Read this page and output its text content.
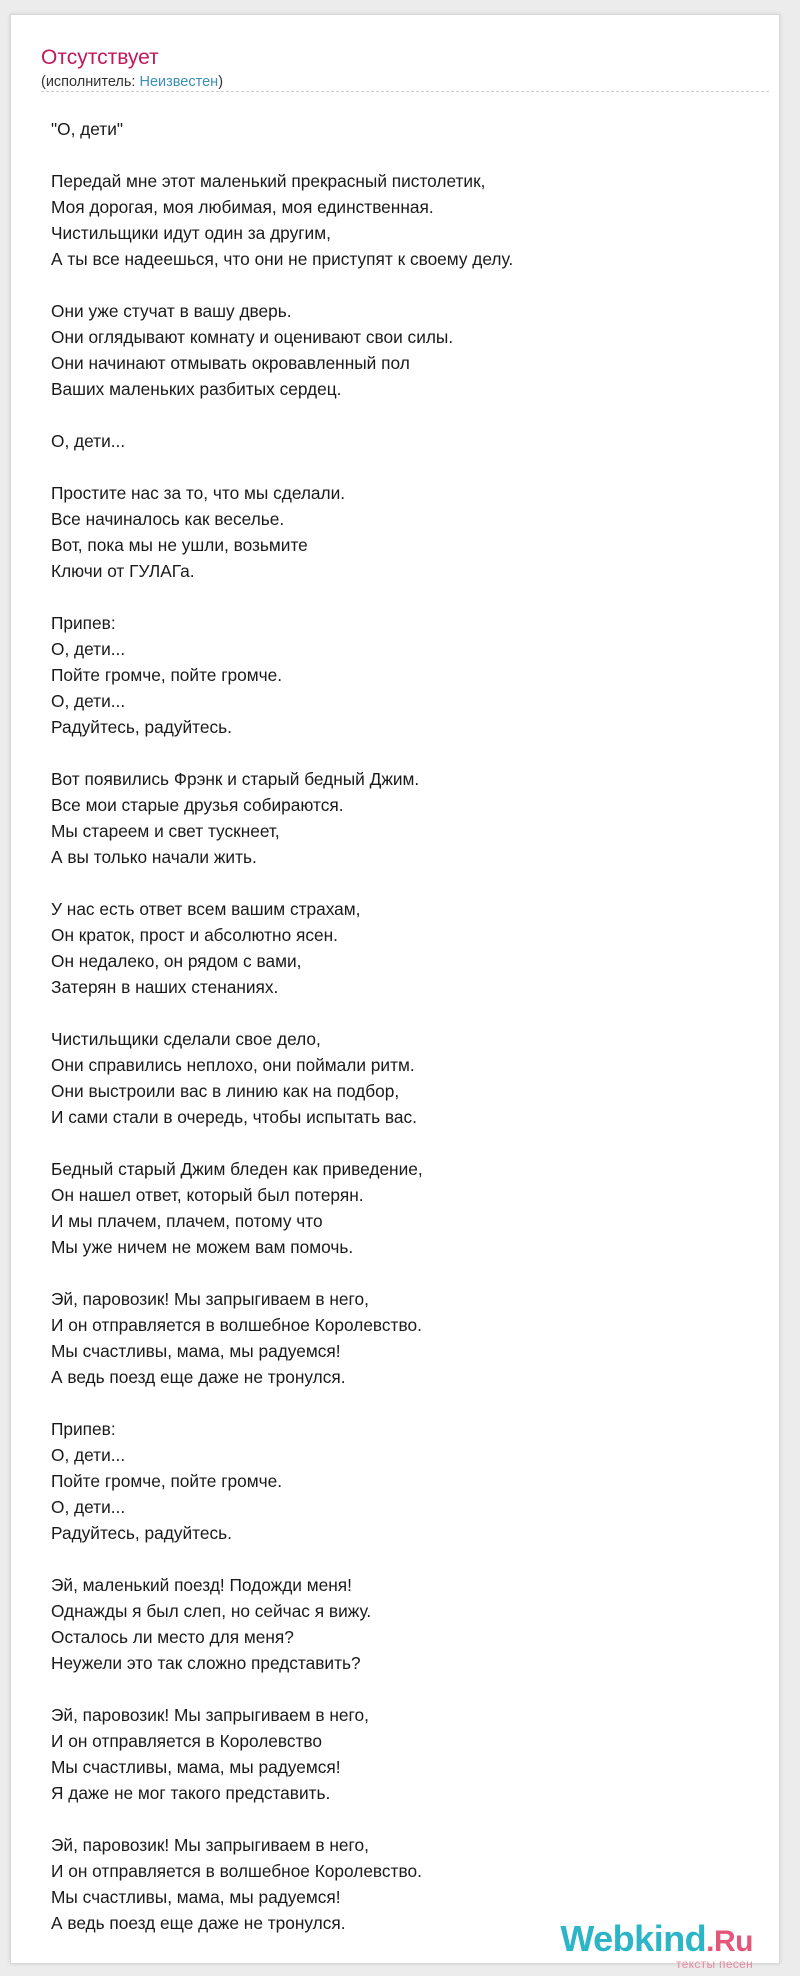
Отсутствует
(исполнитель: Неизвестен)
"О, дети"
Передай мне этот маленький прекрасный пистолетик,
Моя дорогая, моя любимая, моя единственная.
Чистильщики идут один за другим,
А ты все надеешься, что они не приступят к своему делу.
Они уже стучат в вашу дверь.
Они оглядывают комнату и оценивают свои силы.
Они начинают отмывать окровавленный пол
Ваших маленьких разбитых сердец.
О, дети...
Простите нас за то, что мы сделали.
Все начиналось как веселье.
Вот, пока мы не ушли, возьмите
Ключи от ГУЛАГа.
Припев:
О, дети...
Пойте громче, пойте громче.
О, дети...
Радуйтесь, радуйтесь.
Вот появились Фрэнк и старый бедный Джим.
Все мои старые друзья собираются.
Мы стареем и свет тускнеет,
А вы только начали жить.
У нас есть ответ всем вашим страхам,
Он краток, прост и абсолютно ясен.
Он недалеко, он рядом с вами,
Затерян в наших стенаниях.
Чистильщики сделали свое дело,
Они справились неплохо, они поймали ритм.
Они выстроили вас в линию как на подбор,
И сами стали в очередь, чтобы испытать вас.
Бедный старый Джим бледен как приведение,
Он нашел ответ, который был потерян.
И мы плачем, плачем, потому что
Мы уже ничем не можем вам помочь.
Эй, паровозик! Мы запрыгиваем в него,
И он отправляется в волшебное Королевство.
Мы счастливы, мама, мы радуемся!
А ведь поезд еще даже не тронулся.
Припев:
О, дети...
Пойте громче, пойте громче.
О, дети...
Радуйтесь, радуйтесь.
Эй, маленький поезд! Подожди меня!
Однажды я был слеп, но сейчас я вижу.
Осталось ли место для меня?
Неужели это так сложно представить?
Эй, паровозик! Мы запрыгиваем в него,
И он отправляется в Королевство
Мы счастливы, мама, мы радуемся!
Я даже не мог такого представить.
Эй, паровозик! Мы запрыгиваем в него,
И он отправляется в волшебное Королевство.
Мы счастливы, мама, мы радуемся!
А ведь поезд еще даже не тронулся.	Webkind.Ru
тексты песен
